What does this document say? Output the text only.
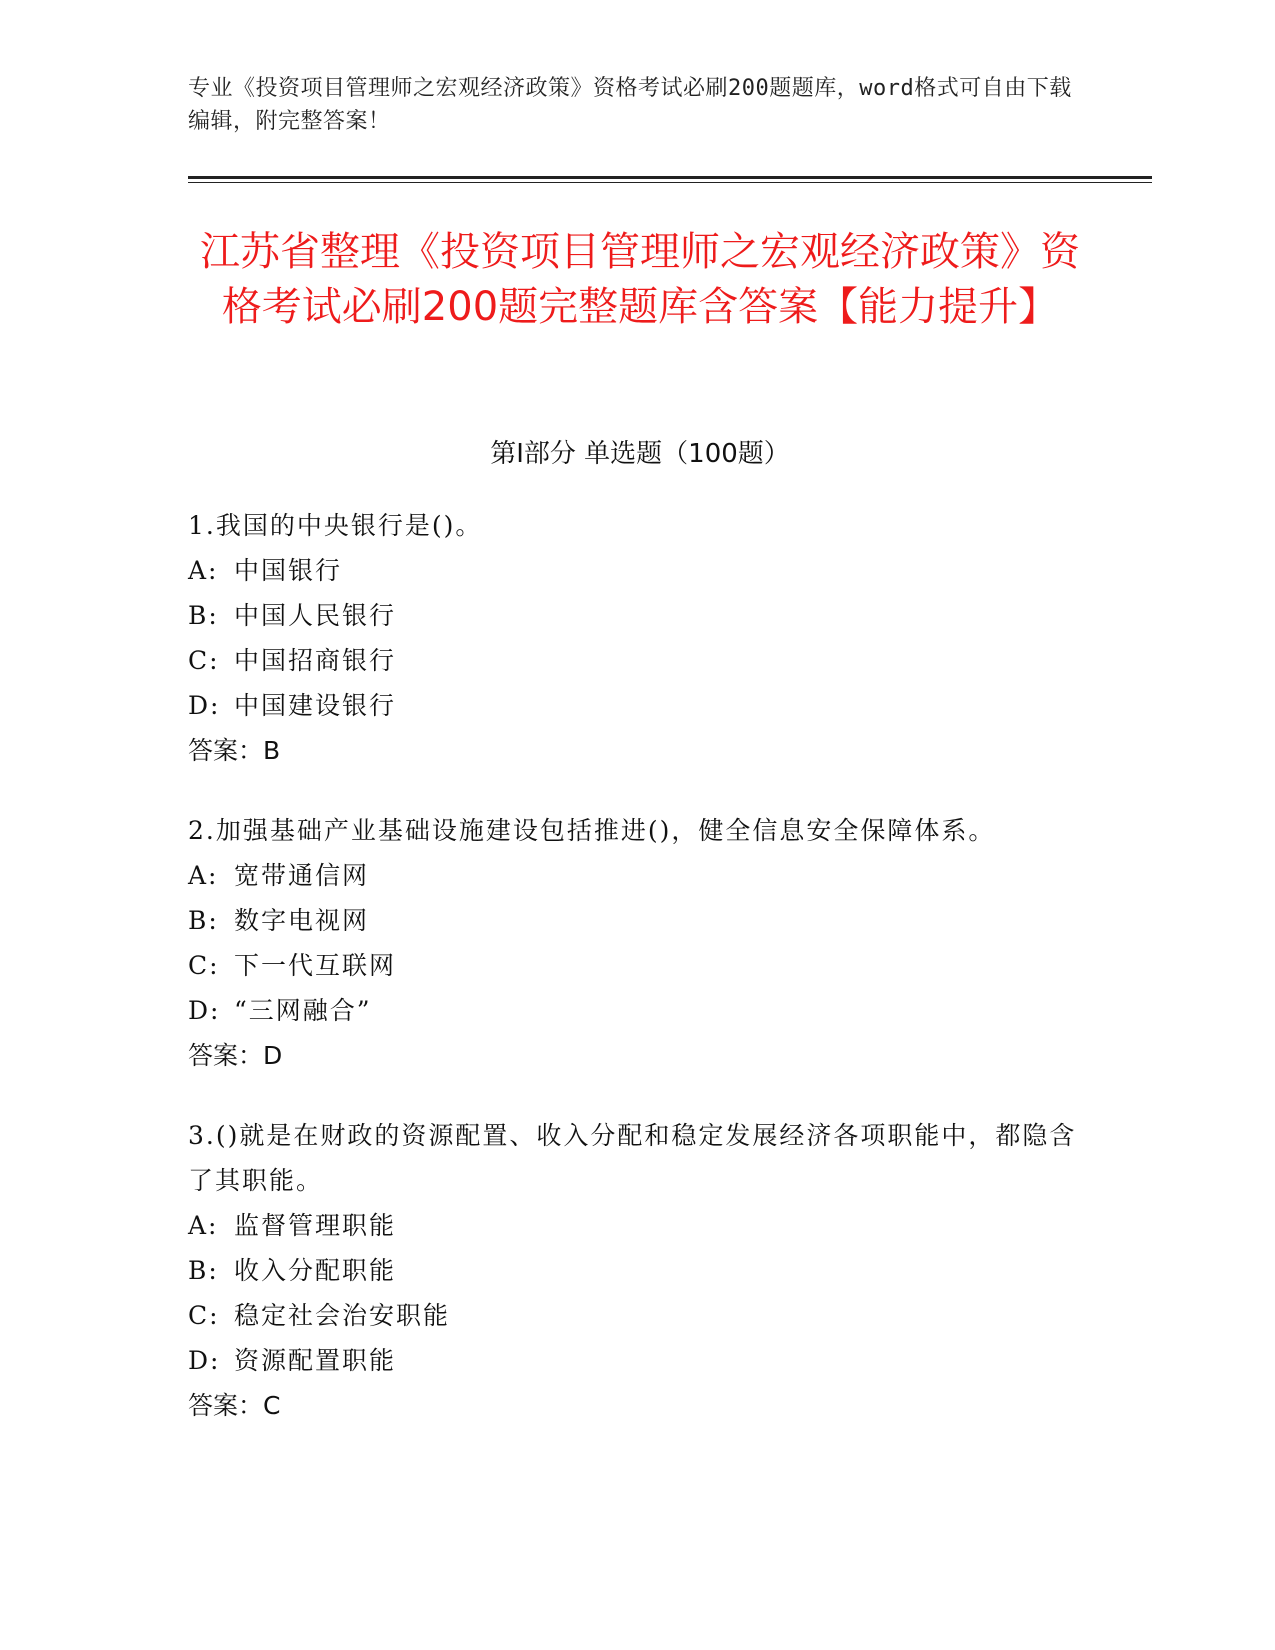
专业《投资项目管理师之宏观经济政策》资格考试必刷200题题库，word格式可自由下载编辑，附完整答案！
江苏省整理《投资项目管理师之宏观经济政策》资格考试必刷200题完整题库含答案【能力提升】
第I部分 单选题（100题）
1.我国的中央银行是()。
A: 中国银行
B: 中国人民银行
C: 中国招商银行
D: 中国建设银行
答案：B
2.加强基础产业基础设施建设包括推进()，健全信息安全保障体系。
A: 宽带通信网
B: 数字电视网
C: 下一代互联网
D: “三网融合”
答案：D
3.()就是在财政的资源配置、收入分配和稳定发展经济各项职能中，都隐含了其职能。
A: 监督管理职能
B: 收入分配职能
C: 稳定社会治安职能
D: 资源配置职能
答案：C
